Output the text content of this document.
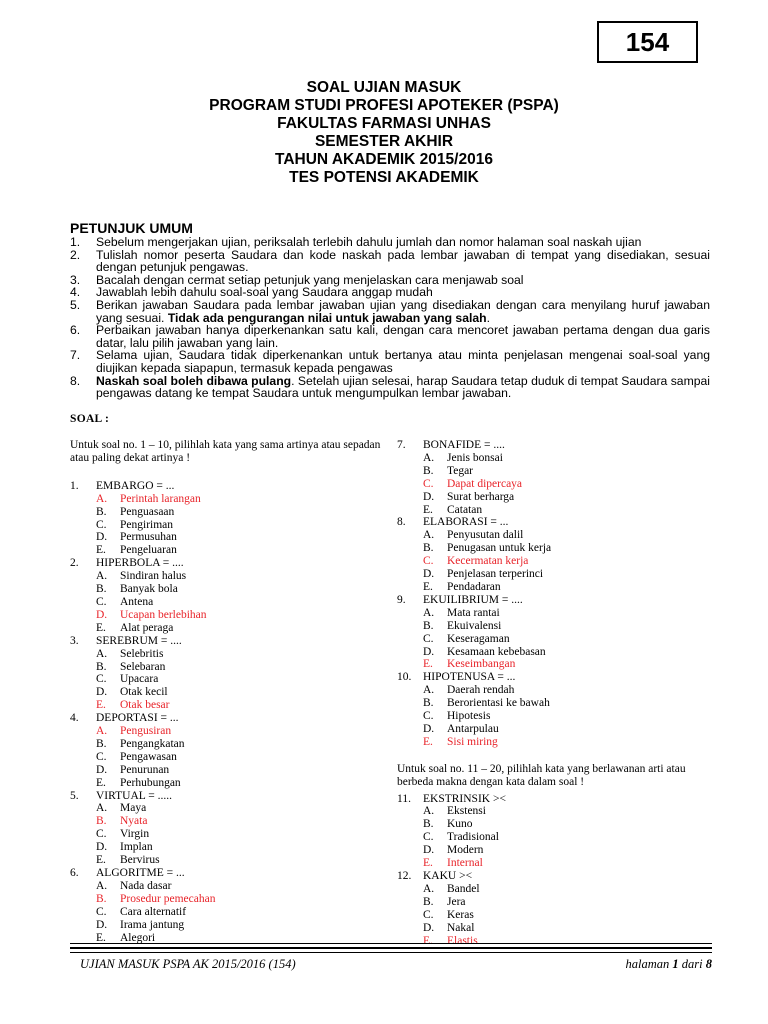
154
SOAL UJIAN MASUK
PROGRAM STUDI PROFESI APOTEKER (PSPA)
FAKULTAS FARMASI UNHAS
SEMESTER AKHIR
TAHUN AKADEMIK 2015/2016
TES POTENSI AKADEMIK
PETUNJUK UMUM
1.	Sebelum mengerjakan ujian, periksalah terlebih dahulu jumlah dan nomor halaman soal naskah ujian
2.	Tulislah nomor peserta Saudara dan kode naskah pada lembar jawaban di tempat yang disediakan, sesuai dengan petunjuk pengawas.
3.	Bacalah dengan cermat setiap petunjuk yang menjelaskan cara menjawab soal
4.	Jawablah lebih dahulu soal-soal yang Saudara anggap mudah
5.	Berikan jawaban Saudara pada lembar jawaban ujian yang disediakan dengan cara menyilang huruf jawaban yang sesuai. Tidak ada pengurangan nilai untuk jawaban yang salah.
6.	Perbaikan jawaban hanya diperkenankan satu kali, dengan cara mencoret jawaban pertama dengan dua garis datar, lalu pilih jawaban yang lain.
7.	Selama ujian, Saudara tidak diperkenankan untuk bertanya atau minta penjelasan mengenai soal-soal yang diujikan kepada siapapun, termasuk kepada pengawas
8.	Naskah soal boleh dibawa pulang. Setelah ujian selesai, harap Saudara tetap duduk di tempat Saudara sampai pengawas datang ke tempat Saudara untuk mengumpulkan lembar jawaban.
SOAL :
Untuk soal no. 1 – 10, pilihlah kata yang sama artinya atau sepadan atau paling dekat artinya !
1.	EMBARGO = ...
A.	Perintah larangan
B.	Penguasaan
C.	Pengiriman
D.	Permusuhan
E.	Pengeluaran
2.	HIPERBOLA = ....
A.	Sindiran halus
B.	Banyak bola
C.	Antena
D.	Ucapan berlebihan
E.	Alat peraga
3.	SEREBRUM = ....
A.	Selebritis
B.	Selebaran
C.	Upacara
D.	Otak kecil
E.	Otak besar
4.	DEPORTASI = ...
A.	Pengusiran
B.	Pengangkatan
C.	Pengawasan
D.	Penurunan
E.	Perhubungan
5.	VIRTUAL = .....
A.	Maya
B.	Nyata
C.	Virgin
D.	Implan
E.	Bervirus
6.	ALGORITME = ...
A.	Nada dasar
B.	Prosedur pemecahan
C.	Cara alternatif
D.	Irama jantung
E.	Alegori
7.	BONAFIDE = ....
A.	Jenis bonsai
B.	Tegar
C.	Dapat dipercaya
D.	Surat berharga
E.	Catatan
8.	ELABORASI = ...
A.	Penyusutan dalil
B.	Penugasan untuk kerja
C.	Kecermatan kerja
D.	Penjelasan terperinci
E.	Pendadaran
9.	EKUILIBRIUM = ....
A.	Mata rantai
B.	Ekuivalensi
C.	Keseragaman
D.	Kesamaan kebebasan
E.	Keseimbangan
10.	HIPOTENUSA = ...
A.	Daerah rendah
B.	Berorientasi ke bawah
C.	Hipotesis
D.	Antarpulau
E.	Sisi miring
Untuk soal no. 11 – 20, pilihlah kata yang berlawanan arti atau berbeda makna dengan kata dalam soal !
11.	EKSTRINSIK ><
A.	Ekstensi
B.	Kuno
C.	Tradisional
D.	Modern
E.	Internal
12.	KAKU ><
A.	Bandel
B.	Jera
C.	Keras
D.	Nakal
E.	Elastis
UJIAN MASUK PSPA AK 2015/2016 (154)	halaman 1 dari 8
